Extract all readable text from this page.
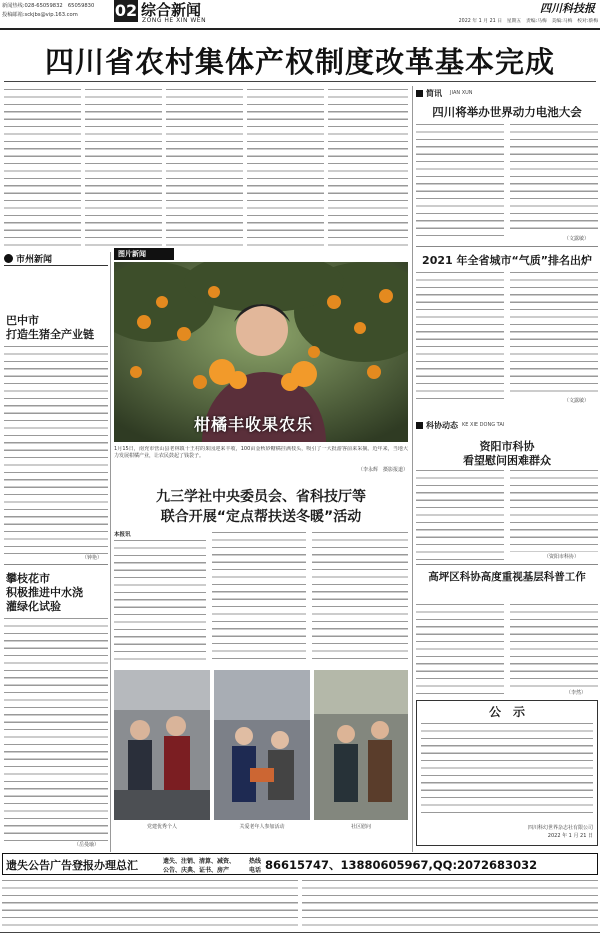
新闻热线:028-65059832　65059830
投稿邮箱:sckjbs@vip.163.com	02 综合新闻
ZONG HE XIN WEN
四川科技报
2022 年 1 月 21 日　星期五　责编:马梅　美编:马梅　校对:蔡梅
四川省农村集体产权制度改革基本完成
简讯 JIAN XUN
四川将举办世界动力电池大会
（文露敏）
2021 年全省城市“气质”排名出炉
（文露敏）
市州新闻
巴中市
打造生猪全产业链
（钟艳）
攀枝花市
积极推进中水浇
灌绿化试验
（岳曼瑜）
图片新闻
柑橘丰收果农乐
1月15日，南充市营山县老林镇十王村的果园迎来丰收，100亩金秋砂糖橘挂满枝头，吸引了一大批游客前来采摘。近年来，当地大力发展柑橘产业，让农民鼓起了钱袋子。
（李永辉　摄影报道）
九三学社中央委员会、省科技厅等
联合开展“定点帮扶送冬暖”活动
本报讯
党建优秀个人	关爱老年人参加活动	社区慰问
科协动态 KE XIE DONG TAI
资阳市科协
看望慰问困难群众
（资阳市科协）
高坪区科协高度重视基层科普工作
（李然）
公　示
四川科幻世界杂志社有限公司
2022 年 1 月 21 日
遗失公告广告登报办理总汇	遗失、注销、清算、减资、
公告、庆典、证书、房产
热线
电话 86615747、13880605967,QQ:2072683032
